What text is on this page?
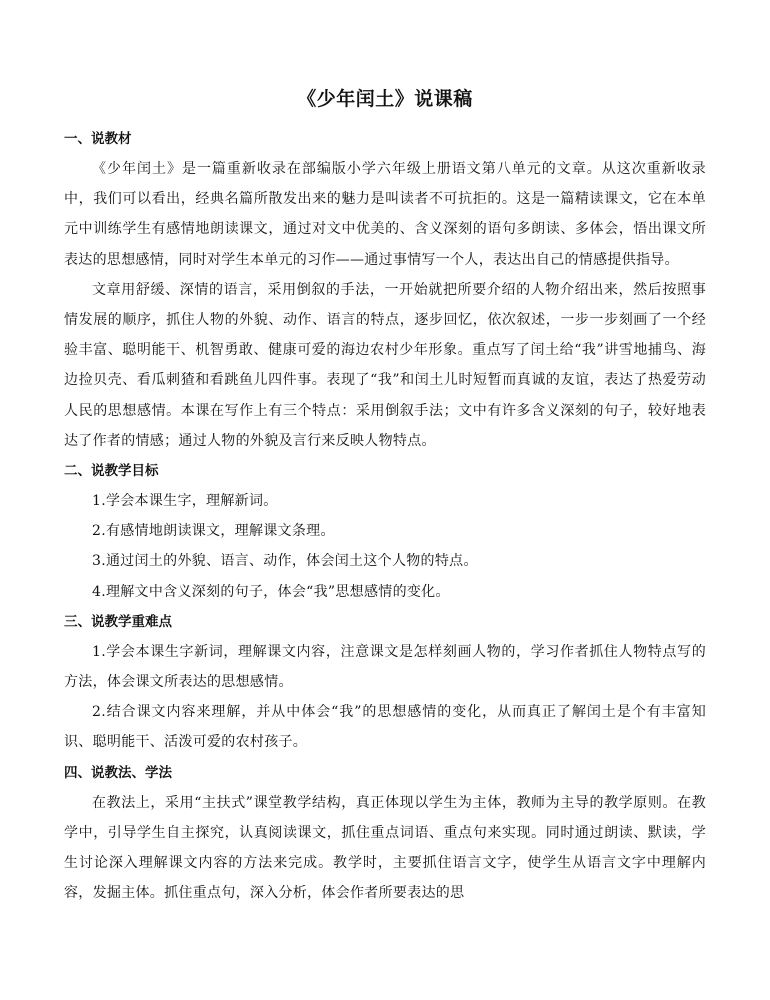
《少年闰土》说课稿

一、说教材

《少年闰土》是一篇重新收录在部编版小学六年级上册语文第八单元的文章。从这次重新收录中，我们可以看出，经典名篇所散发出来的魅力是叫读者不可抗拒的。这是一篇精读课文，它在本单元中训练学生有感情地朗读课文，通过对文中优美的、含义深刻的语句多朗读、多体会，悟出课文所表达的思想感情，同时对学生本单元的习作——通过事情写一个人，表达出自己的情感提供指导。

文章用舒缓、深情的语言，采用倒叙的手法，一开始就把所要介绍的人物介绍出来，然后按照事情发展的顺序，抓住人物的外貌、动作、语言的特点，逐步回忆，依次叙述，一步一步刻画了一个经验丰富、聪明能干、机智勇敢、健康可爱的海边农村少年形象。重点写了闰土给“我”讲雪地捕鸟、海边捡贝壳、看瓜刺猹和看跳鱼儿四件事。表现了“我”和闰土儿时短暂而真诚的友谊，表达了热爱劳动人民的思想感情。本课在写作上有三个特点：采用倒叙手法；文中有许多含义深刻的句子，较好地表达了作者的情感；通过人物的外貌及言行来反映人物特点。

二、说教学目标

1.学会本课生字，理解新词。

2.有感情地朗读课文，理解课文条理。

3.通过闰土的外貌、语言、动作，体会闰土这个人物的特点。

4.理解文中含义深刻的句子，体会“我”思想感情的变化。

三、说教学重难点

1.学会本课生字新词，理解课文内容，注意课文是怎样刻画人物的，学习作者抓住人物特点写的方法，体会课文所表达的思想感情。

2.结合课文内容来理解，并从中体会“我”的思想感情的变化，从而真正了解闰土是个有丰富知识、聪明能干、活泼可爱的农村孩子。

四、说教法、学法

在教法上，采用“主扶式”课堂教学结构，真正体现以学生为主体，教师为主导的教学原则。在教学中，引导学生自主探究，认真阅读课文，抓住重点词语、重点句来实现。同时通过朗读、默读，学生讨论深入理解课文内容的方法来完成。教学时，主要抓住语言文字，使学生从语言文字中理解内容，发掘主体。抓住重点句，深入分析，体会作者所要表达的思
